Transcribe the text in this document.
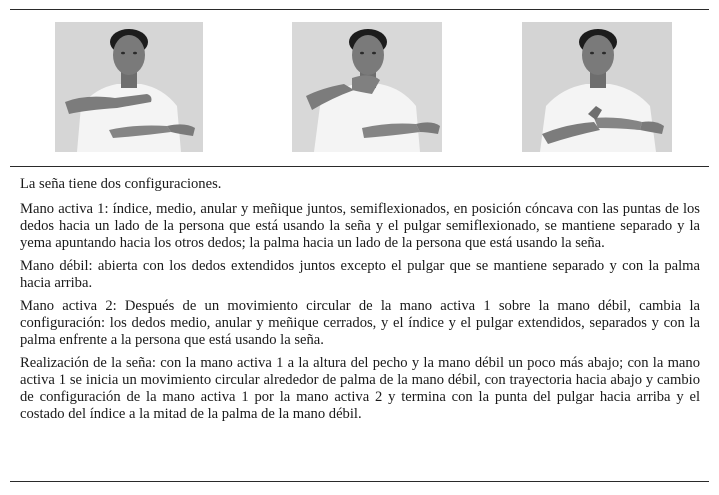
La seña tiene dos configuraciones.

Mano activa 1: índice, medio, anular y meñique juntos, semiflexionados, en posición cóncava con las puntas de los dedos hacia un lado de la persona que está usando la seña y el pulgar semiflexionado, se mantiene separado y la yema apuntando hacia los otros dedos; la palma hacia un lado de la persona que está usando la seña.

Mano débil: abierta con los dedos extendidos juntos excepto el pulgar que se mantiene separado y con la palma hacia arriba.

Mano activa 2: Después de un movimiento circular de la mano activa 1 sobre la mano débil, cambia la configuración: los dedos medio, anular y meñique cerrados, y el índice y el pulgar extendidos, separados y con la palma enfrente a la persona que está usando la seña.

Realización de la seña: con la mano activa 1 a la altura del pecho y la mano débil un poco más abajo; con la mano activa 1 se inicia un movimiento circular alrededor de palma de la mano débil, con trayectoria hacia abajo y cambio de configuración de la mano activa 1 por la mano activa 2 y termina con la punta del pulgar hacia arriba y el costado del índice a la mitad de la palma de la mano débil.
